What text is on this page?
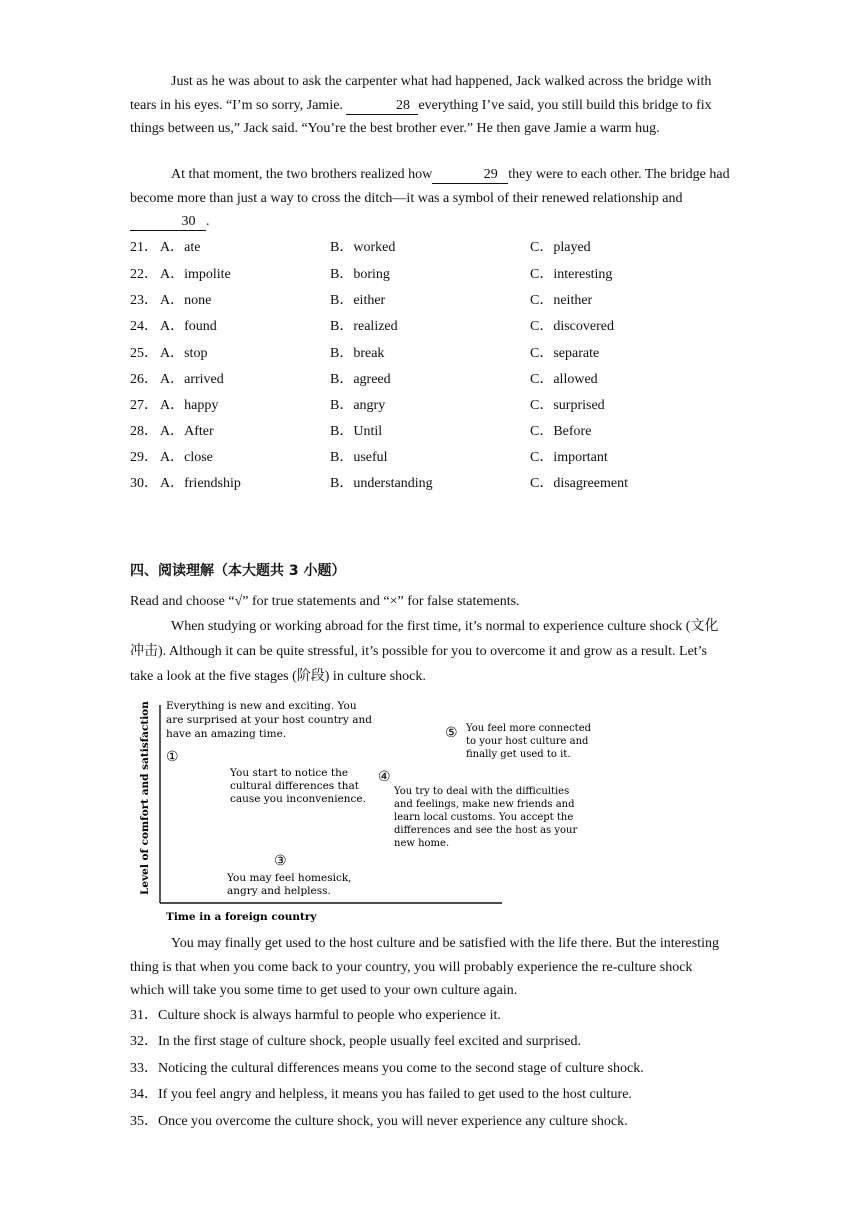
Just as he was about to ask the carpenter what had happened, Jack walked across the bridge with tears in his eyes. “I’m so sorry, Jamie.	28 everything I’ve said, you still build this bridge to fix things between us,” Jack said. “You’re the best brother ever.” He then gave Jamie a warm hug.
At that moment, the two brothers realized how	29 they were to each other. The bridge had become more than just a way to cross the ditch—it was a symbol of their renewed relationship and30 .
21． A．ate	B．worked	C．played
22． A．impolite	B．boring	C．interesting
23． A．none	B．either	C．neither
24． A．found	B．realized	C．discovered
25． A．stop	B．break	C．separate
26． A．arrived	B．agreed	C．allowed
27． A．happy	B．angry	C．surprised
28． A．After	B．Until	C．Before
29． A．close	B．useful	C．important
30． A．friendship	B．understanding	C．disagreement
四、阅读理解（本大题共 3 小题）
Read and choose “√” for true statements and “×” for false statements.
When studying or working abroad for the first time, it’s normal to experience culture shock (文化冲击). Although it can be quite stressful, it’s possible for you to overcome it and grow as a result. Let’s take a look at the five stages (阶段) in culture shock.
Level of comfort and satisfaction
Time in a foreign country
①
Everything is new and exciting. You
are surprised at your host country and
have an amazing time.
You start to notice the
cultural differences that
cause you inconvenience.
③
You may feel homesick,
angry and helpless.
④
You try to deal with the difficulties
and feelings, make new friends and
learn local customs. You accept the
differences and see the host as your
new home.
⑤ You feel more connected
to your host culture and
finally get used to it.
You may finally get used to the host culture and be satisfied with the life there. But the interesting thing is that when you come back to your country, you will probably experience the re-culture shock which will take you some time to get used to your own culture again.
31．Culture shock is always harmful to people who experience it.
32．In the first stage of culture shock, people usually feel excited and surprised.
33．Noticing the cultural differences means you come to the second stage of culture shock.
34．If you feel angry and helpless, it means you has failed to get used to the host culture.
35．Once you overcome the culture shock, you will never experience any culture shock.
